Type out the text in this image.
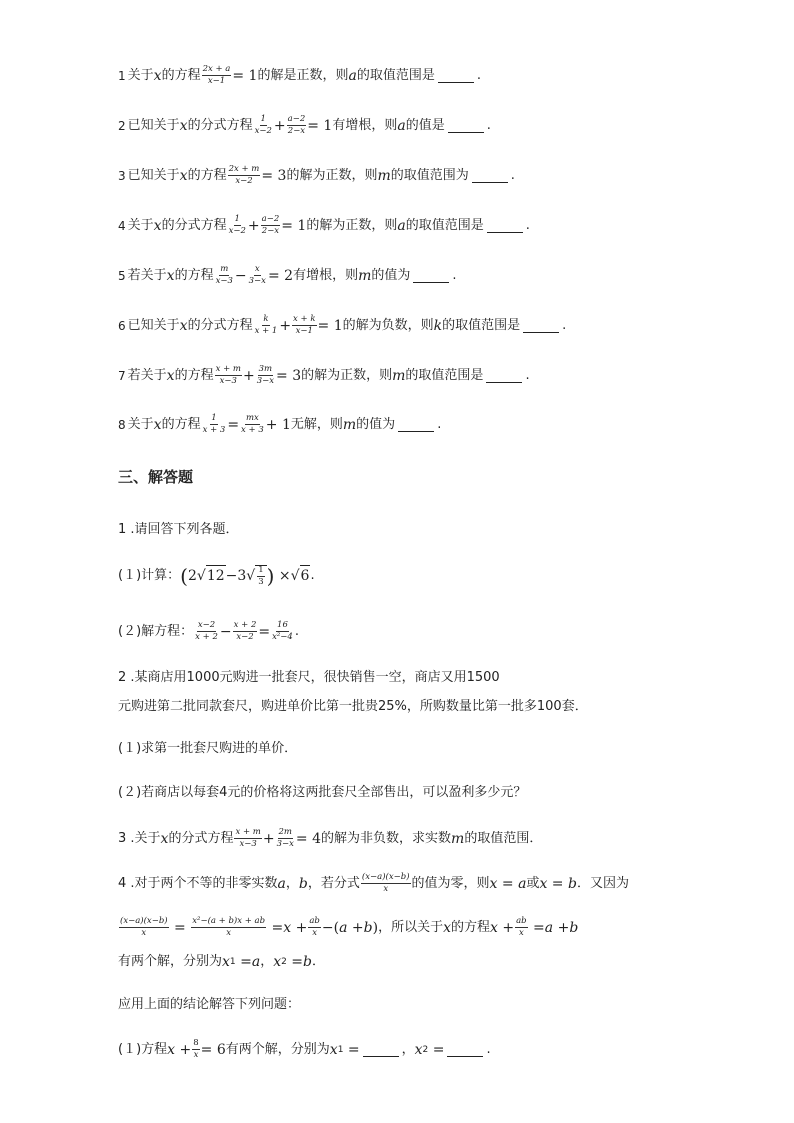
1 关于 x 的方程 $\frac{2x + a}{x-1} = 1$ 的解是正数，则 a 的取值范围是	.
2 已知关于 x 的分式方程 $\frac{1}{x-2} + \frac{a-2}{2-x} = 1$ 有增根，则 a 的值是	.
3 已知关于 x 的方程 $\frac{2x + m}{x-2} = 3$ 的解为正数，则 m 的取值范围为	.
4 关于 x 的分式方程 $\frac{1}{x-2} + \frac{a-2}{2-x} = 1$ 的解为正数，则 a 的取值范围是	.
5 若关于 x 的方程 $\frac{m}{x-3} - \frac{x}{3-x} = 2$ 有增根，则 m 的值为	.
6 已知关于 x 的分式方程 $\frac{k}{x + 1} + \frac{x + k}{x-1} = 1$ 的解为负数，则 k 的取值范围是	.
7 若关于 x 的方程 $\frac{x + m}{x-3} + \frac{3m}{3-x} = 3$ 的解为正数，则 m 的取值范围是	.
8 关于 x 的方程 $\frac{1}{x + 3} = \frac{mx}{x + 3} + 1$ 无解，则 m 的值为	.
三、解答题
1 .请回答下列各题．
(１)计算： ( 2 √ 12 −3 √ $\frac{1}{3}$ ) × √ 6 .
(２)解方程： $\frac{x-2}{x + 2} - \frac{x + 2}{x-2} = \frac{16}{\text{x²−4}}$ .
2 .某商店用1000元购进一批套尺，很快销售一空，商店又用1500
元购进第二批同款套尺，购进单价比第一批贵25%，所购数量比第一批多100套．
(１)求第一批套尺购进的单价．
(２)若商店以每套4元的价格将这两批套尺全部售出，可以盈利多少元？
3 .关于 x 的分式方程 $\frac{x + m}{x-3} + \frac{2m}{3-x} = 4$ 的解为非负数，求实数 m 的取值范围．
4 .对于两个不等的非零实数 a ， b ，若分式 $\frac{(x-a)(x-b)}{x}$ 的值为零，则 x = a 或 x = b ．又因为
$\frac{(x-a)(x-b)}{x} = \frac{\text{x²−(a + b)x + ab}}{x} = x + \frac{ab}{x}$ −( a + b ) ，所以关于 x 的方程 $x + \frac{ab}{x} = a + b$
有两个解，分别为 x 1 = a ， x 2 = b ．
应用上面的结论解答下列问题：
(１)方程 $x + \frac{8}{x} = 6$ 有两个解，分别为 x 1 =	， x 2 =	.
